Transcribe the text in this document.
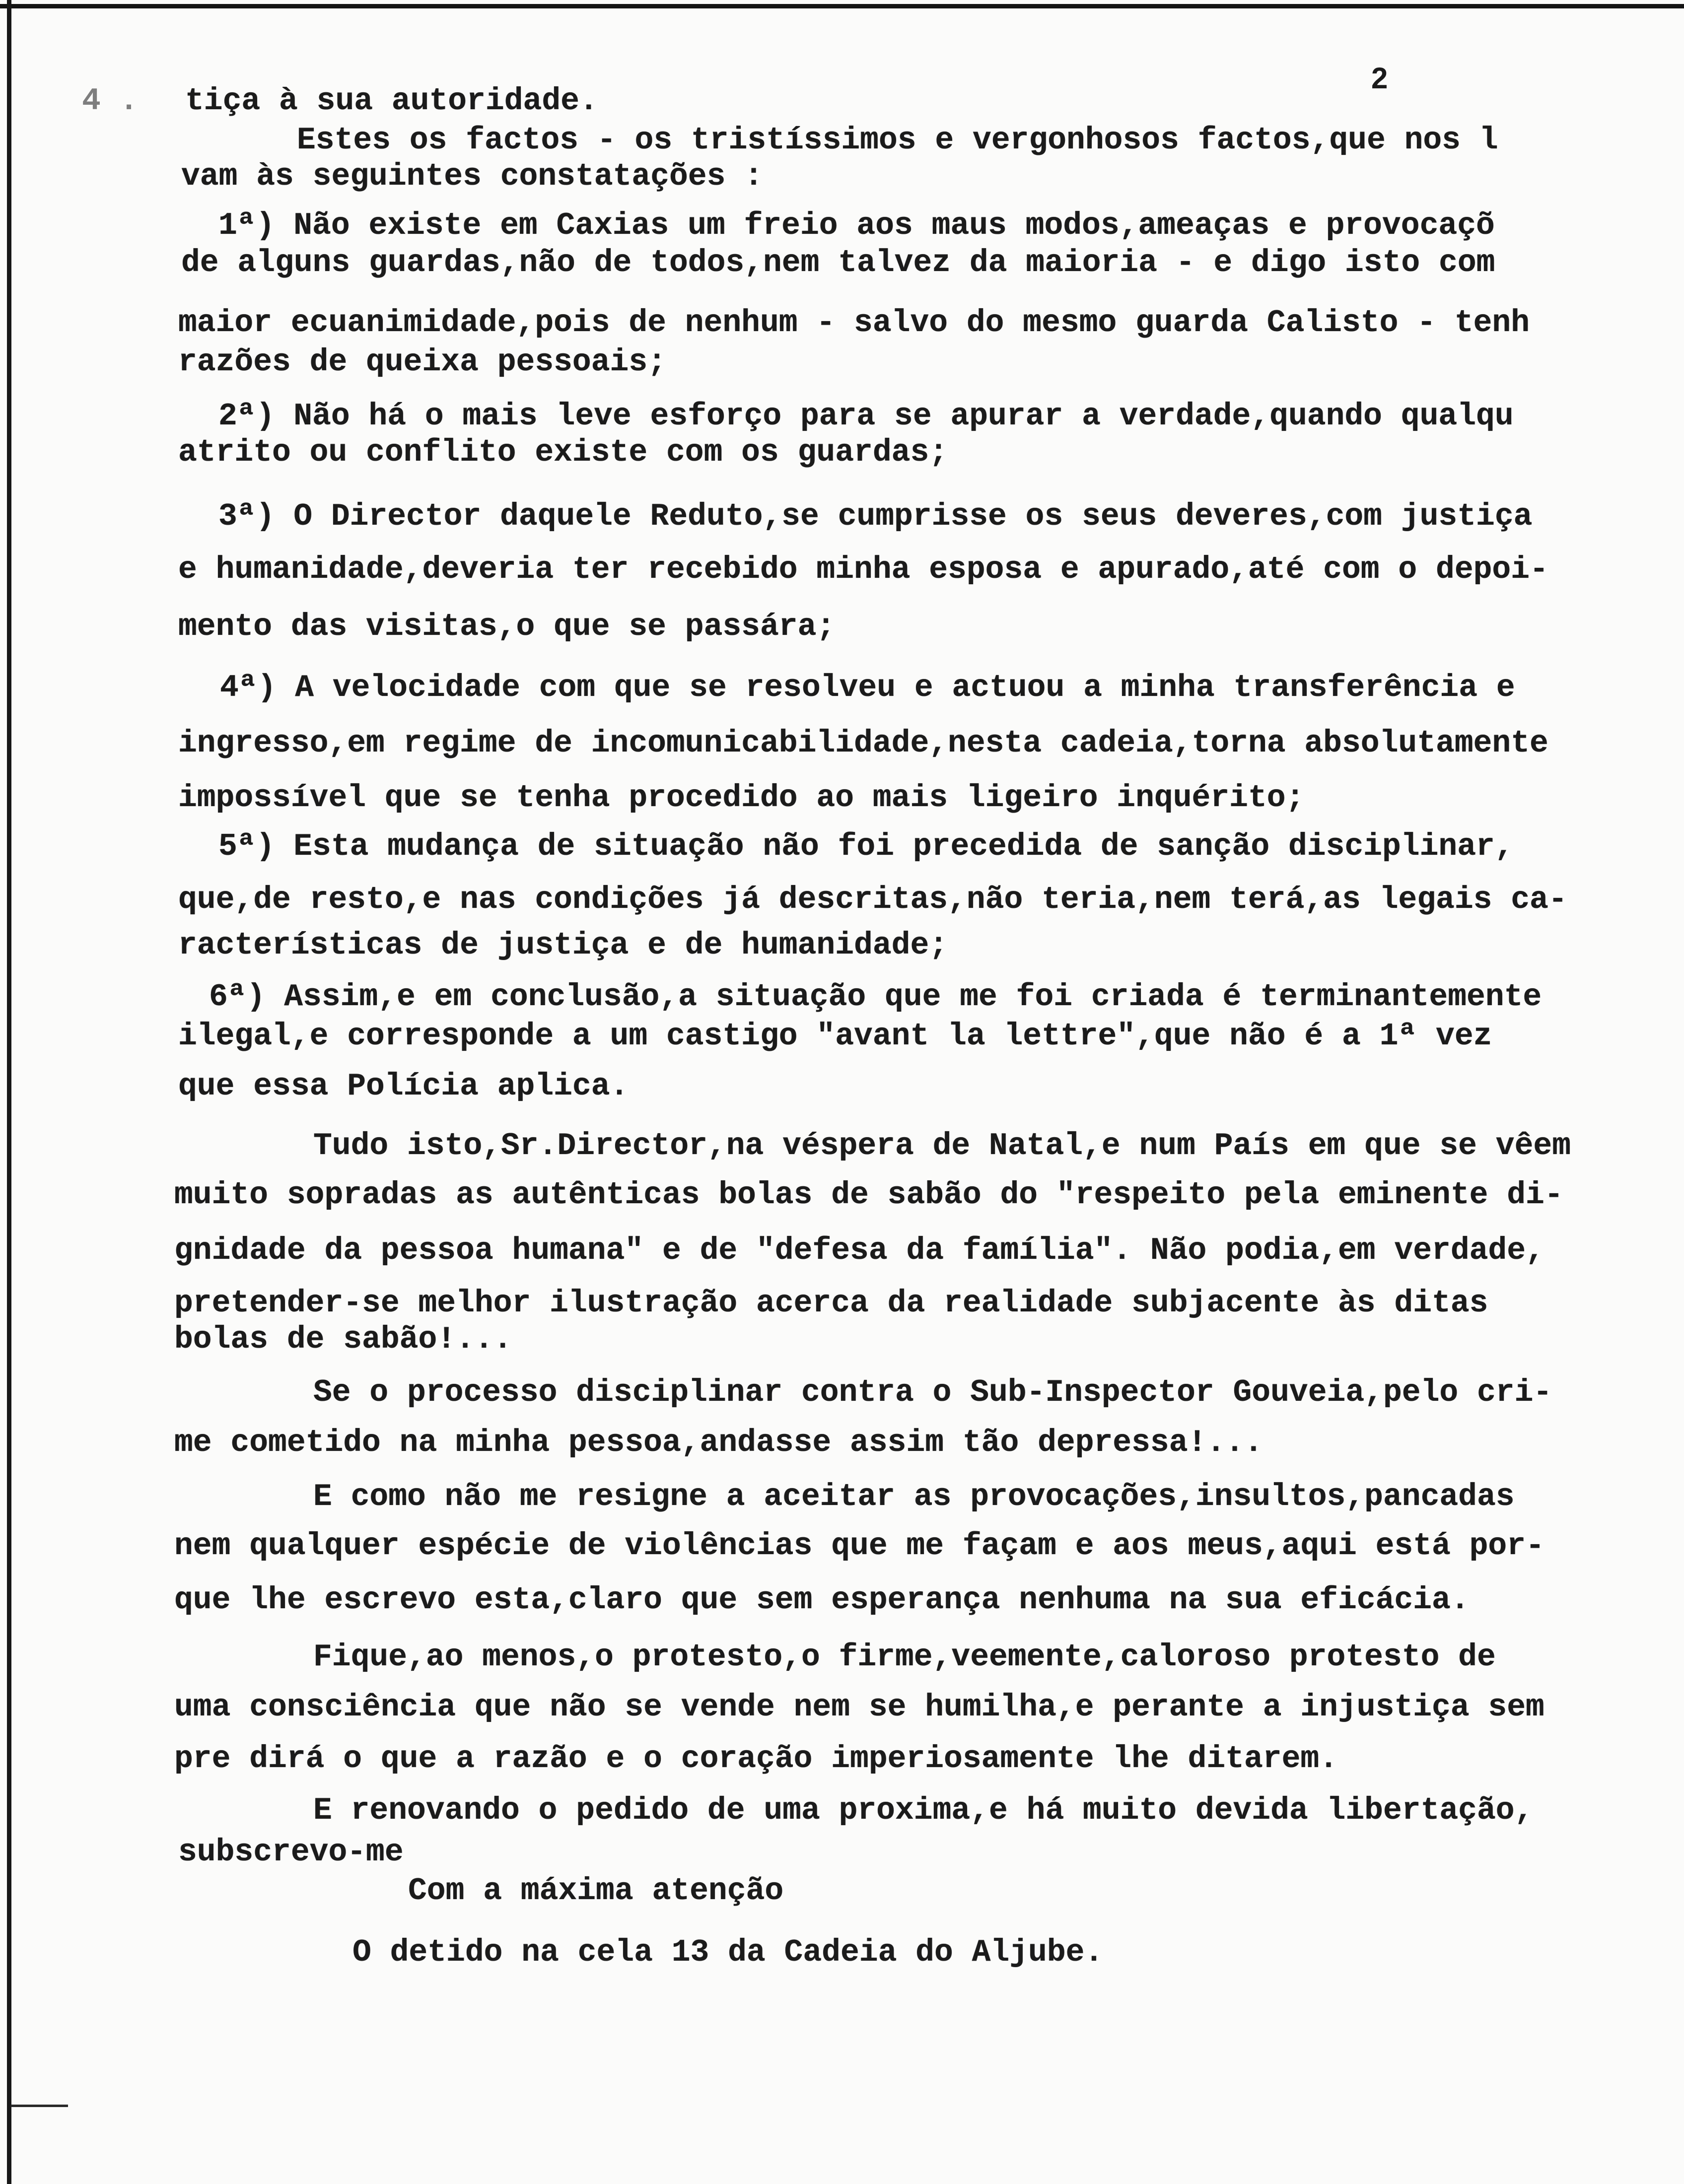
2
4 . tiça à sua autoridade.
Estes os factos - os tristíssimos e vergonhosos factos,que nos l
vam às seguintes constatações :
1ª) Não existe em Caxias um freio aos maus modos,ameaças e provocaçõ
de alguns guardas,não de todos,nem talvez da maioria - e digo isto com
maior ecuanimidade,pois de nenhum - salvo do mesmo guarda Calisto - tenh
razões de queixa pessoais;
2ª) Não há o mais leve esforço para se apurar a verdade,quando qualqu
atrito ou conflito existe com os guardas;
3ª) O Director daquele Reduto,se cumprisse os seus deveres,com justiça
e humanidade,deveria ter recebido minha esposa e apurado,até com o depoi-
mento das visitas,o que se passára;
4ª) A velocidade com que se resolveu e actuou a minha transferência e
ingresso,em regime de incomunicabilidade,nesta cadeia,torna absolutamente
impossível que se tenha procedido ao mais ligeiro inquérito;
5ª) Esta mudança de situação não foi precedida de sanção disciplinar,
que,de resto,e nas condições já descritas,não teria,nem terá,as legais ca-
racterísticas de justiça e de humanidade;
6ª) Assim,e em conclusão,a situação que me foi criada é terminantemente
ilegal,e corresponde a um castigo "avant la lettre",que não é a 1ª vez
que essa Polícia aplica.
Tudo isto,Sr.Director,na véspera de Natal,e num País em que se vêem
muito sopradas as autênticas bolas de sabão do "respeito pela eminente di-
gnidade da pessoa humana" e de "defesa da família". Não podia,em verdade,
pretender-se melhor ilustração acerca da realidade subjacente às ditas
bolas de sabão!...
Se o processo disciplinar contra o Sub-Inspector Gouveia,pelo cri-
me cometido na minha pessoa,andasse assim tão depressa!...
E como não me resigne a aceitar as provocações,insultos,pancadas
nem qualquer espécie de violências que me façam e aos meus,aqui está por-
que lhe escrevo esta,claro que sem esperança nenhuma na sua eficácia.
Fique,ao menos,o protesto,o firme,veemente,caloroso protesto de
uma consciência que não se vende nem se humilha,e perante a injustiça sem
pre dirá o que a razão e o coração imperiosamente lhe ditarem.
E renovando o pedido de uma proxima,e há muito devida libertação,
subscrevo-me
Com a máxima atenção
O detido na cela 13 da Cadeia do Aljube.
